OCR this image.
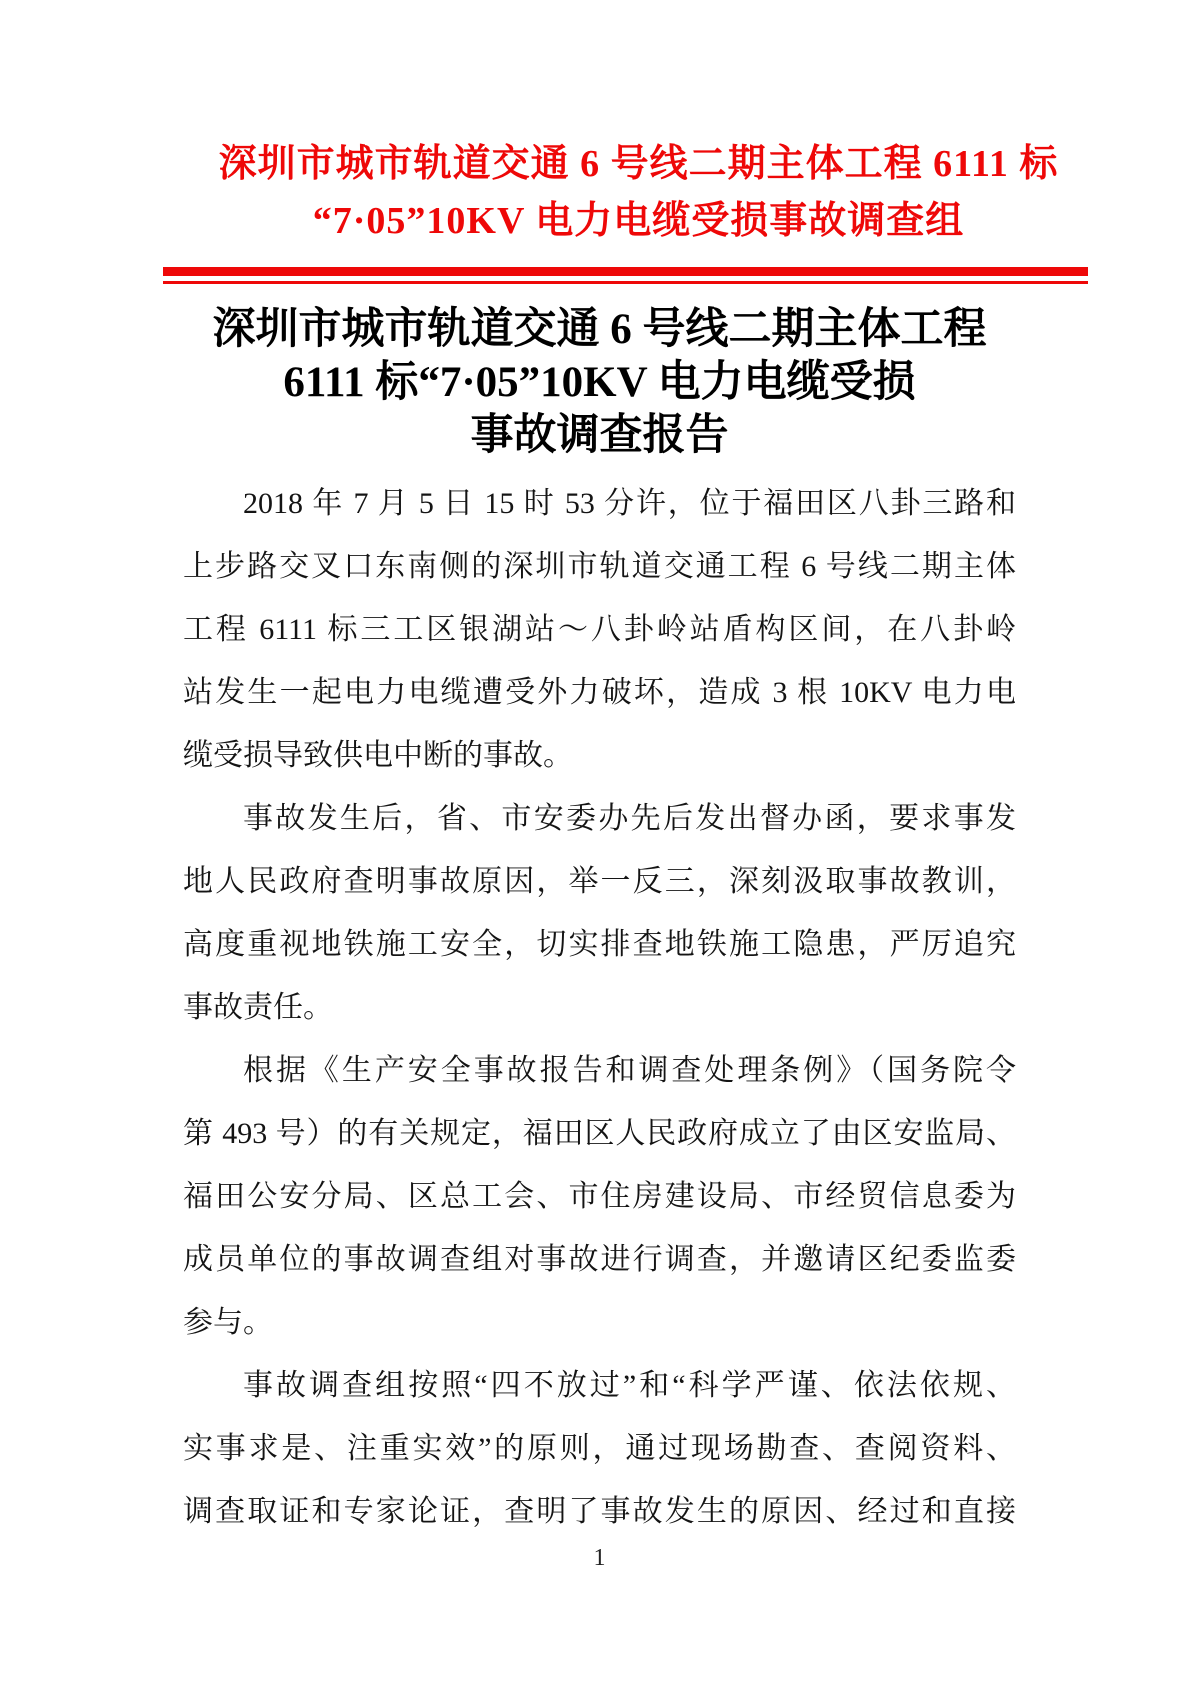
深圳市城市轨道交通 6 号线二期主体工程 6111 标
“7·05”10KV 电力电缆受损事故调查组
深圳市城市轨道交通 6 号线二期主体工程
6111 标“7·05”10KV 电力电缆受损
事故调查报告
2018 年 7 月 5 日 15 时 53 分许，位于福田区八卦三路和
上步路交叉口东南侧的深圳市轨道交通工程 6 号线二期主体
工程 6111 标三工区银湖站～八卦岭站盾构区间，在八卦岭
站发生一起电力电缆遭受外力破坏，造成 3 根 10KV 电力电
缆受损导致供电中断的事故。
事故发生后，省、市安委办先后发出督办函，要求事发
地人民政府查明事故原因，举一反三，深刻汲取事故教训，
高度重视地铁施工安全，切实排查地铁施工隐患，严厉追究
事故责任。
根据《生产安全事故报告和调查处理条例》（国务院令
第 493 号）的有关规定，福田区人民政府成立了由区安监局、
福田公安分局、区总工会、市住房建设局、市经贸信息委为
成员单位的事故调查组对事故进行调查，并邀请区纪委监委
参与。
事故调查组按照“四不放过”和“科学严谨、依法依规、
实事求是、注重实效”的原则，通过现场勘查、查阅资料、
调查取证和专家论证，查明了事故发生的原因、经过和直接
1
